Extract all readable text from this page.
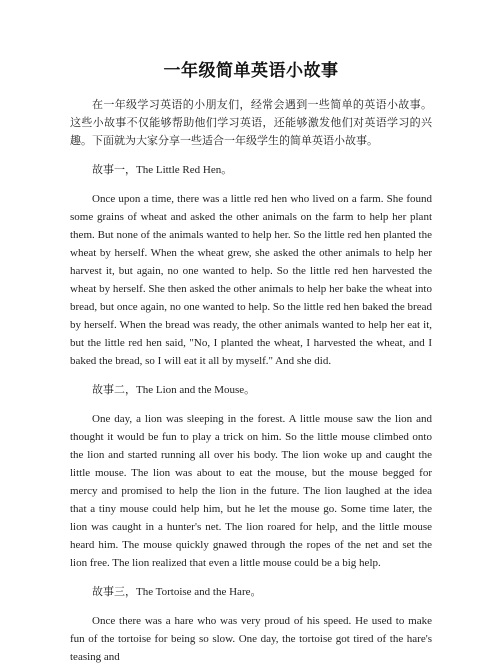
一年级简单英语小故事

在一年级学习英语的小朋友们，经常会遇到一些简单的英语小故事。这些小故事不仅能够帮助他们学习英语，还能够激发他们对英语学习的兴趣。下面就为大家分享一些适合一年级学生的简单英语小故事。

故事一，The Little Red Hen。

Once upon a time, there was a little red hen who lived on a farm. She found some grains of wheat and asked the other animals on the farm to help her plant them. But none of the animals wanted to help her. So the little red hen planted the wheat by herself. When the wheat grew, she asked the other animals to help her harvest it, but again, no one wanted to help. So the little red hen harvested the wheat by herself. She then asked the other animals to help her bake the wheat into bread, but once again, no one wanted to help. So the little red hen baked the bread by herself. When the bread was ready, the other animals wanted to help her eat it, but the little red hen said, "No, I planted the wheat, I harvested the wheat, and I baked the bread, so I will eat it all by myself." And she did.

故事二，The Lion and the Mouse。

One day, a lion was sleeping in the forest. A little mouse saw the lion and thought it would be fun to play a trick on him. So the little mouse climbed onto the lion and started running all over his body. The lion woke up and caught the little mouse. The lion was about to eat the mouse, but the mouse begged for mercy and promised to help the lion in the future. The lion laughed at the idea that a tiny mouse could help him, but he let the mouse go. Some time later, the lion was caught in a hunter's net. The lion roared for help, and the little mouse heard him. The mouse quickly gnawed through the ropes of the net and set the lion free. The lion realized that even a little mouse could be a big help.

故事三，The Tortoise and the Hare。

Once there was a hare who was very proud of his speed. He used to make fun of the tortoise for being so slow. One day, the tortoise got tired of the hare's teasing and
